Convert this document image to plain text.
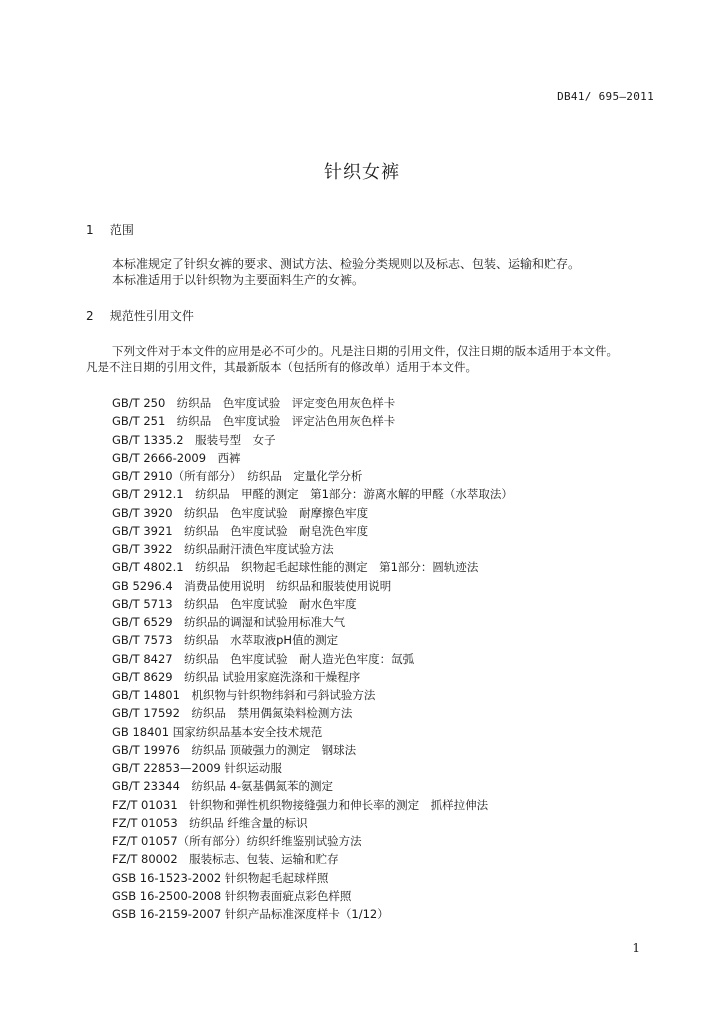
DB41/ 695—2011
针织女裤
1 范围
本标准规定了针织女裤的要求、测试方法、检验分类规则以及标志、包装、运输和贮存。
本标准适用于以针织物为主要面料生产的女裤。
2 规范性引用文件
下列文件对于本文件的应用是必不可少的。凡是注日期的引用文件，仅注日期的版本适用于本文件。
凡是不注日期的引用文件，其最新版本（包括所有的修改单）适用于本文件。
GB/T 250　纺织品　色牢度试验　评定变色用灰色样卡
GB/T 251　纺织品　色牢度试验　评定沾色用灰色样卡
GB/T 1335.2　服装号型　女子
GB/T 2666-2009　西裤
GB/T 2910（所有部分）　纺织品　定量化学分析
GB/T 2912.1　纺织品　甲醛的测定　第1部分：游离水解的甲醛（水萃取法）
GB/T 3920　纺织品　色牢度试验　耐摩擦色牢度
GB/T 3921　纺织品　色牢度试验　耐皂洗色牢度
GB/T 3922　纺织品耐汗渍色牢度试验方法
GB/T 4802.1　纺织品　织物起毛起球性能的测定　第1部分：圆轨迹法
GB 5296.4　消费品使用说明　纺织品和服装使用说明
GB/T 5713　纺织品　色牢度试验　耐水色牢度
GB/T 6529　纺织品的调湿和试验用标准大气
GB/T 7573　纺织品　水萃取液pH值的测定
GB/T 8427　纺织品　色牢度试验　耐人造光色牢度：氙弧
GB/T 8629　纺织品 试验用家庭洗涤和干燥程序
GB/T 14801　机织物与针织物纬斜和弓斜试验方法
GB/T 17592　纺织品　禁用偶氮染料检测方法
GB 18401 国家纺织品基本安全技术规范
GB/T 19976　纺织品 顶破强力的测定　钢球法
GB/T 22853—2009 针织运动服
GB/T 23344　纺织品 4-氨基偶氮苯的测定
FZ/T 01031　针织物和弹性机织物接缝强力和伸长率的测定　抓样拉伸法
FZ/T 01053　纺织品 纤维含量的标识
FZ/T 01057（所有部分）纺织纤维鉴别试验方法
FZ/T 80002　服装标志、包装、运输和贮存
GSB 16-1523-2002 针织物起毛起球样照
GSB 16-2500-2008 针织物表面疵点彩色样照
GSB 16-2159-2007 针织产品标准深度样卡（1/12）
1
